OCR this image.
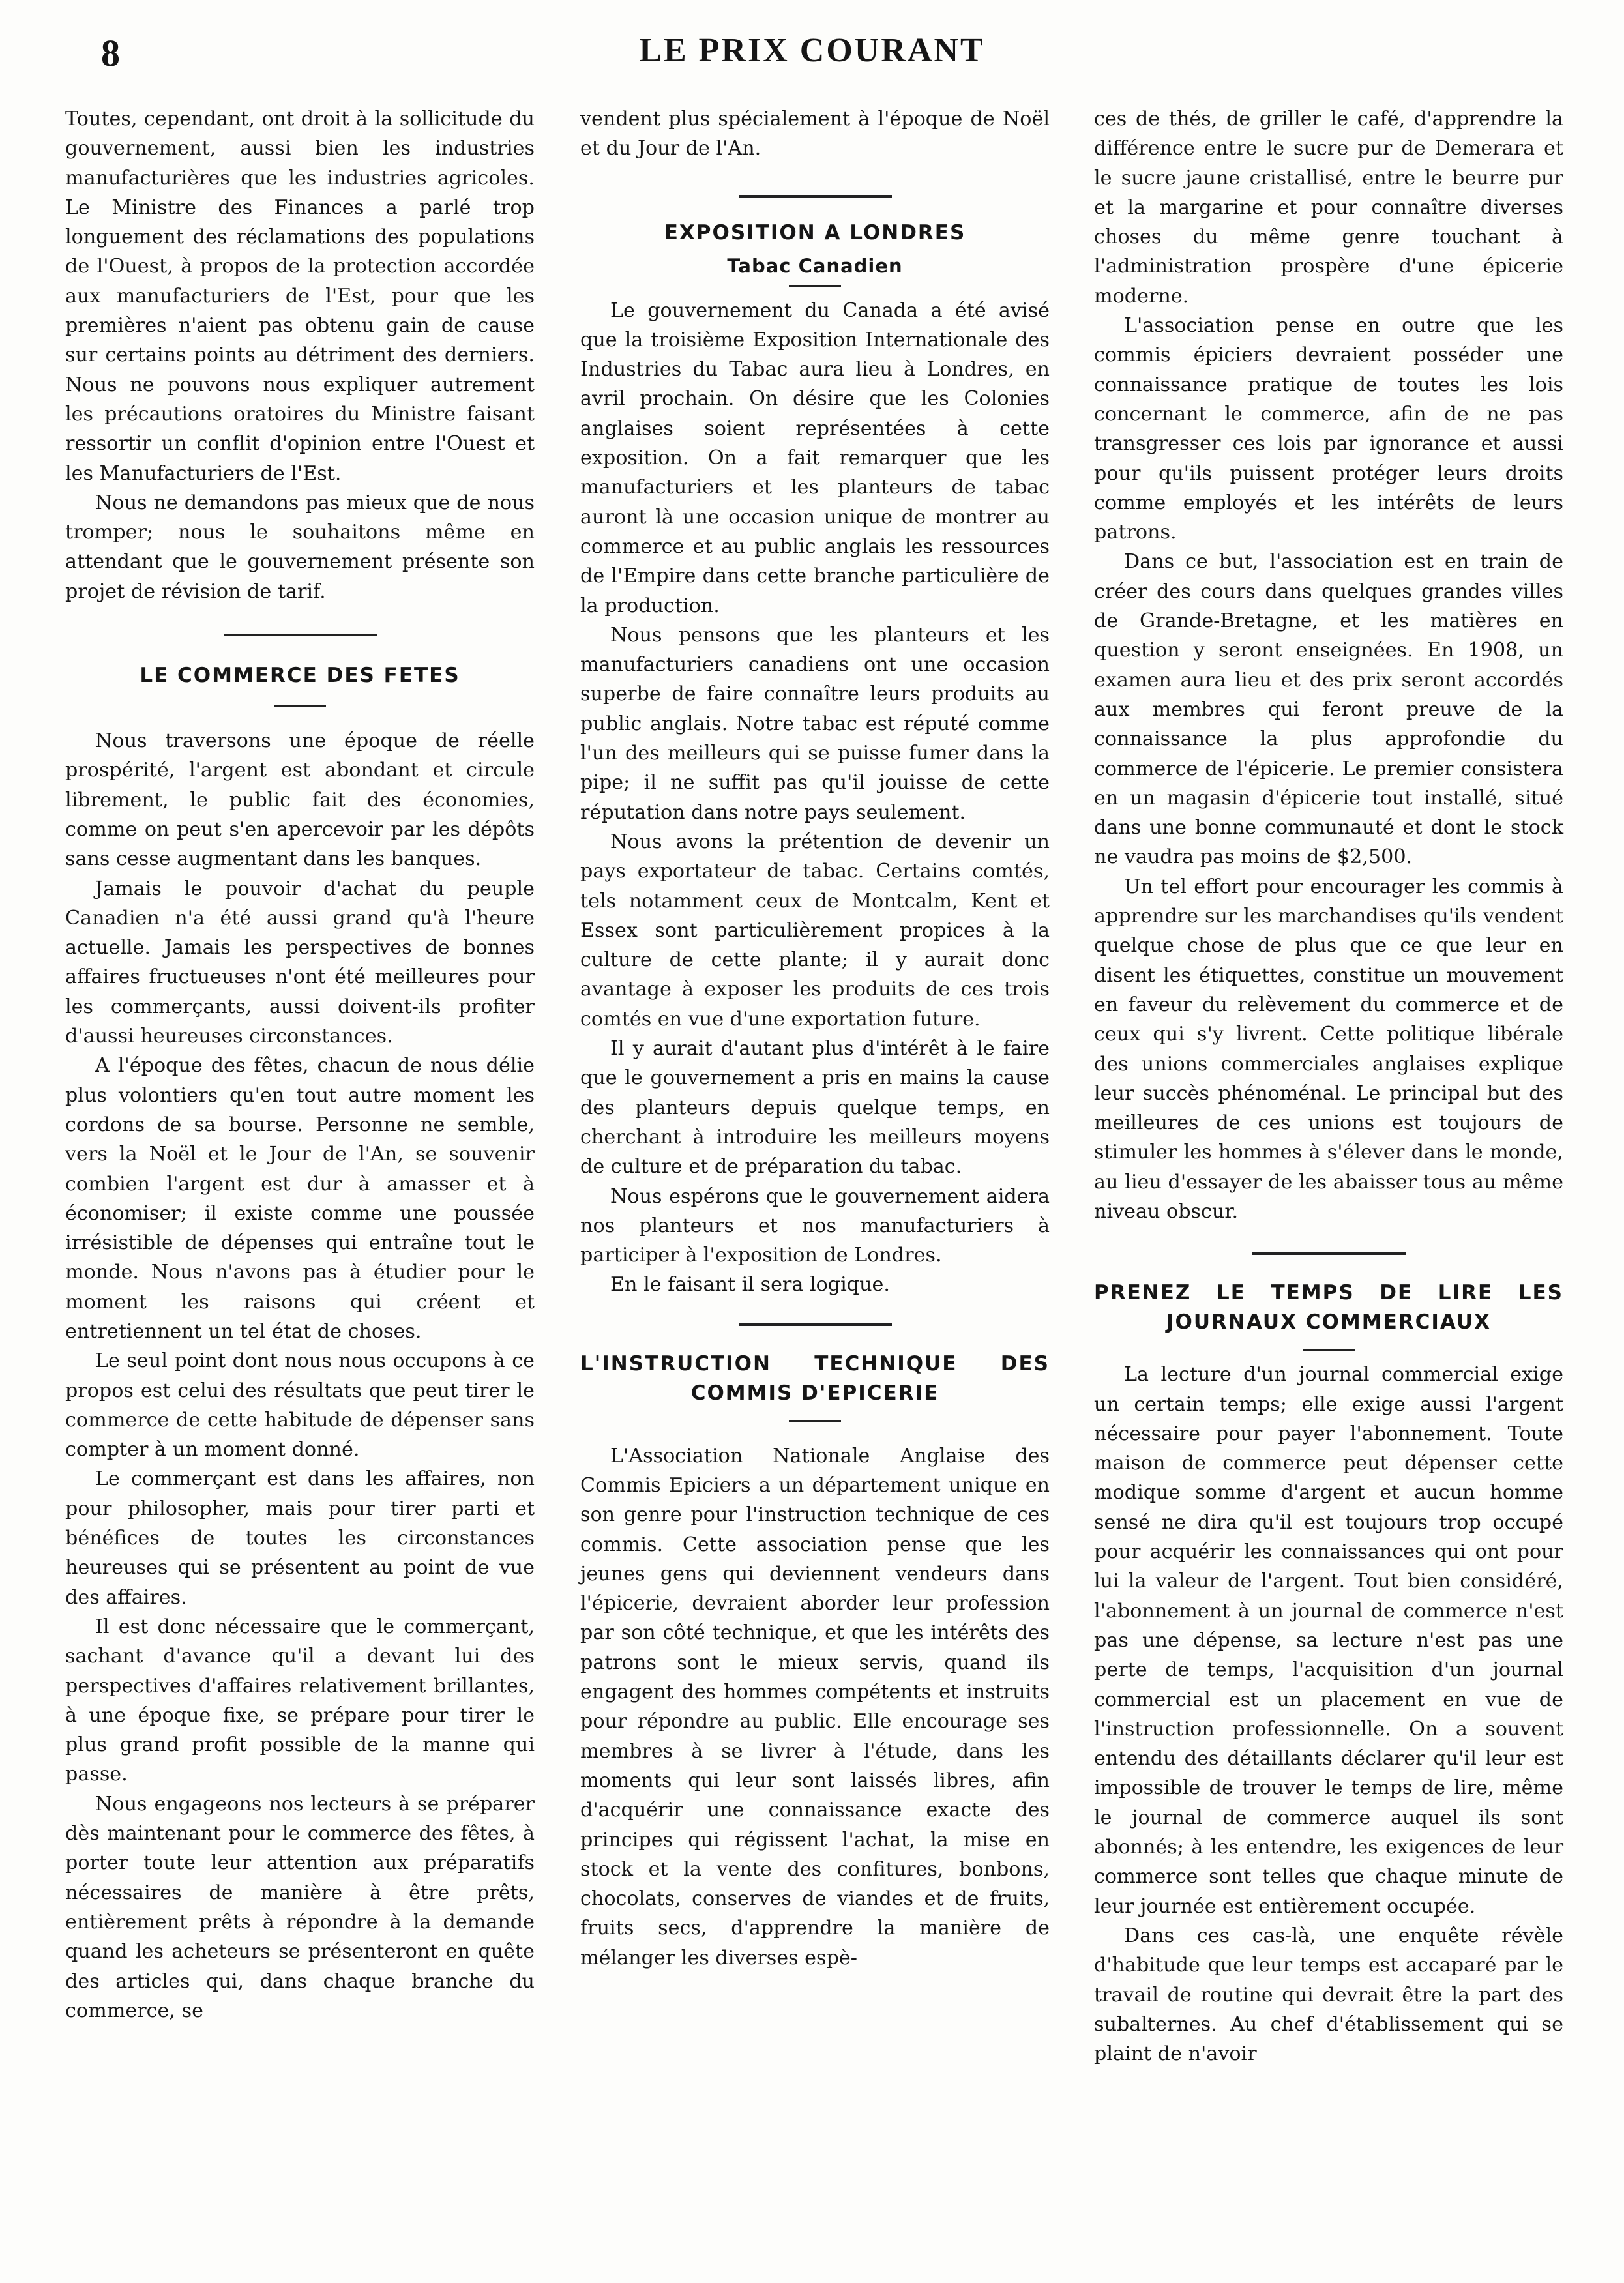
8	LE PRIX COURANT

Toutes, cependant, ont droit à la sollicitude du gouvernement, aussi bien les industries manufacturières que les industries agricoles. Le Ministre des Finances a parlé trop longuement des réclamations des populations de l'Ouest, à propos de la protection accordée aux manufacturiers de l'Est, pour que les premières n'aient pas obtenu gain de cause sur certains points au détriment des derniers. Nous ne pouvons nous expliquer autrement les précautions oratoires du Ministre faisant ressortir un conflit d'opinion entre l'Ouest et les Manufacturiers de l'Est.

Nous ne demandons pas mieux que de nous tromper; nous le souhaitons même en attendant que le gouvernement présente son projet de révision de tarif.

LE COMMERCE DES FETES

Nous traversons une époque de réelle prospérité, l'argent est abondant et circule librement, le public fait des économies, comme on peut s'en apercevoir par les dépôts sans cesse augmentant dans les banques.

Jamais le pouvoir d'achat du peuple Canadien n'a été aussi grand qu'à l'heure actuelle. Jamais les perspectives de bonnes affaires fructueuses n'ont été meilleures pour les commerçants, aussi doivent-ils profiter d'aussi heureuses circonstances.

A l'époque des fêtes, chacun de nous délie plus volontiers qu'en tout autre moment les cordons de sa bourse. Personne ne semble, vers la Noël et le Jour de l'An, se souvenir combien l'argent est dur à amasser et à économiser; il existe comme une poussée irrésistible de dépenses qui entraîne tout le monde. Nous n'avons pas à étudier pour le moment les raisons qui créent et entretiennent un tel état de choses.

Le seul point dont nous nous occupons à ce propos est celui des résultats que peut tirer le commerce de cette habitude de dépenser sans compter à un moment donné.

Le commerçant est dans les affaires, non pour philosopher, mais pour tirer parti et bénéfices de toutes les circonstances heureuses qui se présentent au point de vue des affaires.

Il est donc nécessaire que le commerçant, sachant d'avance qu'il a devant lui des perspectives d'affaires relativement brillantes, à une époque fixe, se prépare pour tirer le plus grand profit possible de la manne qui passe.

Nous engageons nos lecteurs à se préparer dès maintenant pour le commerce des fêtes, à porter toute leur attention aux préparatifs nécessaires de manière à être prêts, entièrement prêts à répondre à la demande quand les acheteurs se présenteront en quête des articles qui, dans chaque branche du commerce, se

vendent plus spécialement à l'époque de Noël et du Jour de l'An.

EXPOSITION A LONDRES
Tabac Canadien

Le gouvernement du Canada a été avisé que la troisième Exposition Internationale des Industries du Tabac aura lieu à Londres, en avril prochain. On désire que les Colonies anglaises soient représentées à cette exposition. On a fait remarquer que les manufacturiers et les planteurs de tabac auront là une occasion unique de montrer au commerce et au public anglais les ressources de l'Empire dans cette branche particulière de la production.

Nous pensons que les planteurs et les manufacturiers canadiens ont une occasion superbe de faire connaître leurs produits au public anglais. Notre tabac est réputé comme l'un des meilleurs qui se puisse fumer dans la pipe; il ne suffit pas qu'il jouisse de cette réputation dans notre pays seulement.

Nous avons la prétention de devenir un pays exportateur de tabac. Certains comtés, tels notamment ceux de Montcalm, Kent et Essex sont particulièrement propices à la culture de cette plante; il y aurait donc avantage à exposer les produits de ces trois comtés en vue d'une exportation future.

Il y aurait d'autant plus d'intérêt à le faire que le gouvernement a pris en mains la cause des planteurs depuis quelque temps, en cherchant à introduire les meilleurs moyens de culture et de préparation du tabac.

Nous espérons que le gouvernement aidera nos planteurs et nos manufacturiers à participer à l'exposition de Londres.

En le faisant il sera logique.

L'INSTRUCTION TECHNIQUE DES COMMIS D'EPICERIE

L'Association Nationale Anglaise des Commis Epiciers a un département unique en son genre pour l'instruction technique de ces commis. Cette association pense que les jeunes gens qui deviennent vendeurs dans l'épicerie, devraient aborder leur profession par son côté technique, et que les intérêts des patrons sont le mieux servis, quand ils engagent des hommes compétents et instruits pour répondre au public. Elle encourage ses membres à se livrer à l'étude, dans les moments qui leur sont laissés libres, afin d'acquérir une connaissance exacte des principes qui régissent l'achat, la mise en stock et la vente des confitures, bonbons, chocolats, conserves de viandes et de fruits, fruits secs, d'apprendre la manière de mélanger les diverses espè-

ces de thés, de griller le café, d'apprendre la différence entre le sucre pur de Demerara et le sucre jaune cristallisé, entre le beurre pur et la margarine et pour connaître diverses choses du même genre touchant à l'administration prospère d'une épicerie moderne.

L'association pense en outre que les commis épiciers devraient posséder une connaissance pratique de toutes les lois concernant le commerce, afin de ne pas transgresser ces lois par ignorance et aussi pour qu'ils puissent protéger leurs droits comme employés et les intérêts de leurs patrons.

Dans ce but, l'association est en train de créer des cours dans quelques grandes villes de Grande-Bretagne, et les matières en question y seront enseignées. En 1908, un examen aura lieu et des prix seront accordés aux membres qui feront preuve de la connaissance la plus approfondie du commerce de l'épicerie. Le premier consistera en un magasin d'épicerie tout installé, situé dans une bonne communauté et dont le stock ne vaudra pas moins de $2,500.

Un tel effort pour encourager les commis à apprendre sur les marchandises qu'ils vendent quelque chose de plus que ce que leur en disent les étiquettes, constitue un mouvement en faveur du relèvement du commerce et de ceux qui s'y livrent. Cette politique libérale des unions commerciales anglaises explique leur succès phénoménal. Le principal but des meilleures de ces unions est toujours de stimuler les hommes à s'élever dans le monde, au lieu d'essayer de les abaisser tous au même niveau obscur.

PRENEZ LE TEMPS DE LIRE LES JOURNAUX COMMERCIAUX

La lecture d'un journal commercial exige un certain temps; elle exige aussi l'argent nécessaire pour payer l'abonnement. Toute maison de commerce peut dépenser cette modique somme d'argent et aucun homme sensé ne dira qu'il est toujours trop occupé pour acquérir les connaissances qui ont pour lui la valeur de l'argent. Tout bien considéré, l'abonnement à un journal de commerce n'est pas une dépense, sa lecture n'est pas une perte de temps, l'acquisition d'un journal commercial est un placement en vue de l'instruction professionnelle. On a souvent entendu des détaillants déclarer qu'il leur est impossible de trouver le temps de lire, même le journal de commerce auquel ils sont abonnés; à les entendre, les exigences de leur commerce sont telles que chaque minute de leur journée est entièrement occupée.

Dans ces cas-là, une enquête révèle d'habitude que leur temps est accaparé par le travail de routine qui devrait être la part des subalternes. Au chef d'établissement qui se plaint de n'avoir
